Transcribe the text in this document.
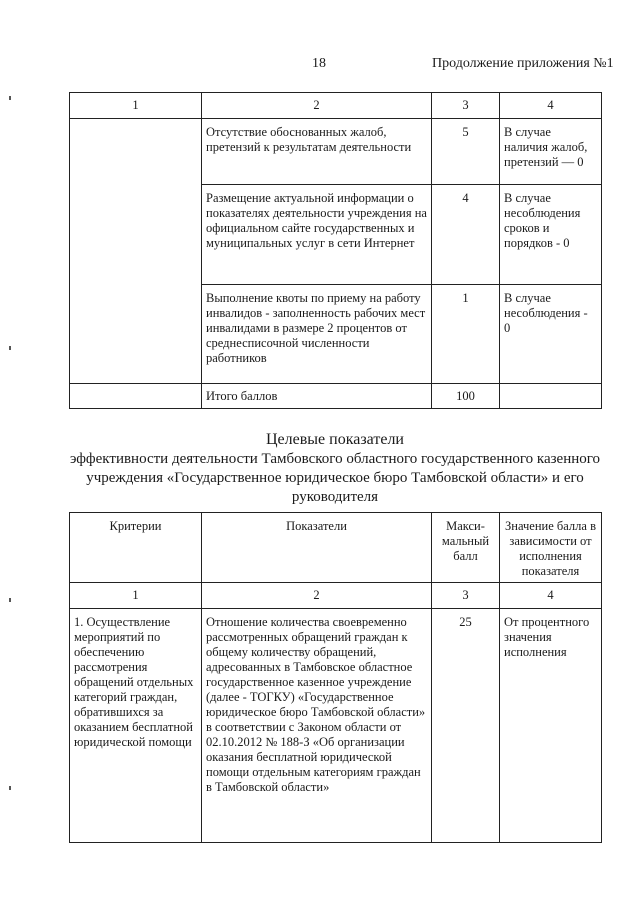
18	Продолжение приложения №1
1	2	3	4
	Отсутствие обоснованных жалоб, претензий к результатам деятельности	5	В случае наличия жалоб, претензий — 0
	Размещение актуальной информации о показателях деятельности учреждения на официальном сайте государственных и муниципальных услуг в сети Интернет	4	В случае несоблюдения сроков и порядков - 0
	Выполнение квоты по приему на работу инвалидов - заполненность рабочих мест инвалидами в размере 2 процентов от среднесписочной численности работников	1	В случае несоблюдения - 0
	Итого баллов	100	
Целевые показатели
эффективности деятельности Тамбовского областного государственного казенного учреждения «Государственное юридическое бюро Тамбовской области» и его руководителя
Критерии	Показатели	Макси-мальный балл	Значение балла в зависимости от исполнения показателя
1	2	3	4
1. Осуществление мероприятий по обеспечению рассмотрения обращений отдельных категорий граждан, обратившихся за оказанием бесплатной юридической помощи	Отношение количества своевременно рассмотренных обращений граждан к общему количеству обращений, адресованных в Тамбовское областное государственное казенное учреждение (далее - ТОГКУ) «Государственное юридическое бюро Тамбовской области» в соответствии с Законом области от 02.10.2012 № 188-З «Об организации оказания бесплатной юридической помощи отдельным категориям граждан в Тамбовской области»	25	От процентного значения исполнения
